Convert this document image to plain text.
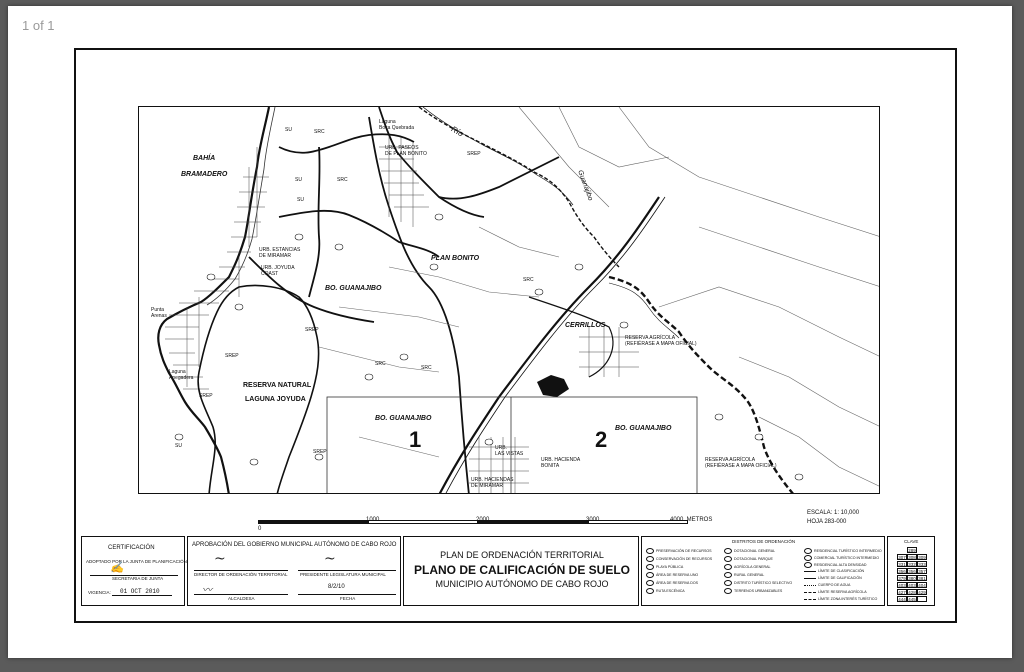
1 of 1
BAHÍA
BRAMADERO
Laguna
Boca Quebrada	Río
Guanajibo
PLAN BONITO
BO. GUANAJIBO
BO. GUANAJIBO
BO. GUANAJIBO
RESERVA NATURAL
LAGUNA JOYUDA
CERRILLOS
Punta
Arenas
Laguna
Anegadera
URB. JOYUDA
COAST
URB. ESTANCIAS
DE MIRAMAR
URB. PASEOS
DE PLAN BONITO
URB. HACIENDA
BONITA
URB.
LAS VISTAS
URB. HACIENDAS
DE MIRAMAR
RESERVA AGRÍCOLA
(REFIÉRASE A MAPA OFICIAL)
RESERVA AGRÍCOLA
(REFIÉRASE A MAPA OFICIAL)
1	2
SRC
SRC
SRC
SRC
SRC
SREP
SREP
SREP
SREP
SREP
SU
SU
SU
SU
0
1000	2000	3000	4000  METROS
ESCALA: 1: 10,000
HOJA 283-000
CERTIFICACIÓN
ADOPTADO POR LA JUNTA DE PLANIFICACIÓN
✍
SECRETARIA DE JUNTA
VIGENCIA: 01 OCT 2010
APROBACIÓN DEL GOBIERNO MUNICIPAL AUTÓNOMO DE CABO ROJO
~	~
DIRECTOR DE ORDENACIÓN TERRITORIAL	PRESIDENTE LEGISLATURA MUNICIPAL
〰	8/2/10
ALCALDESA	FECHA
PLAN DE ORDENACIÓN TERRITORIAL
PLANO DE CALIFICACIÓN DE SUELO
MUNICIPIO AUTÓNOMO DE CABO ROJO
DISTRITOS DE ORDENACIÓN
PRESERVACIÓN DE RECURSOS
CONSERVACIÓN DE RECURSOS
PLAYA PÚBLICA
ÁREA DE RESERVA UNO
ÁREA DE RESERVA DOS
RUTA ESCÉNICA
DOTACIONAL GENERAL
DOTACIONAL PARQUE
AGRÍCOLA GENERAL
RURAL GENERAL
DISTRITO TURÍSTICO SELECTIVO
TERRENOS URBANIZABLES
RESIDENCIAL TURÍSTICO INTERMEDIO
COMERCIAL TURÍSTICO INTERMEDIO
RESIDENCIAL ALTA DENSIDAD
LÍMITE DE CLASIFICACIÓN
LÍMITE DE CALIFICACIÓN
CUERPO DE AGUA
LÍMITE RESERVA AGRÍCOLA
LÍMITE ZONA INTERÉS TURÍSTICO
CLAVE
289
307 308 309
331 332 333
356 356 357
379 380 381
403 403 404
427 428 429
444 445
